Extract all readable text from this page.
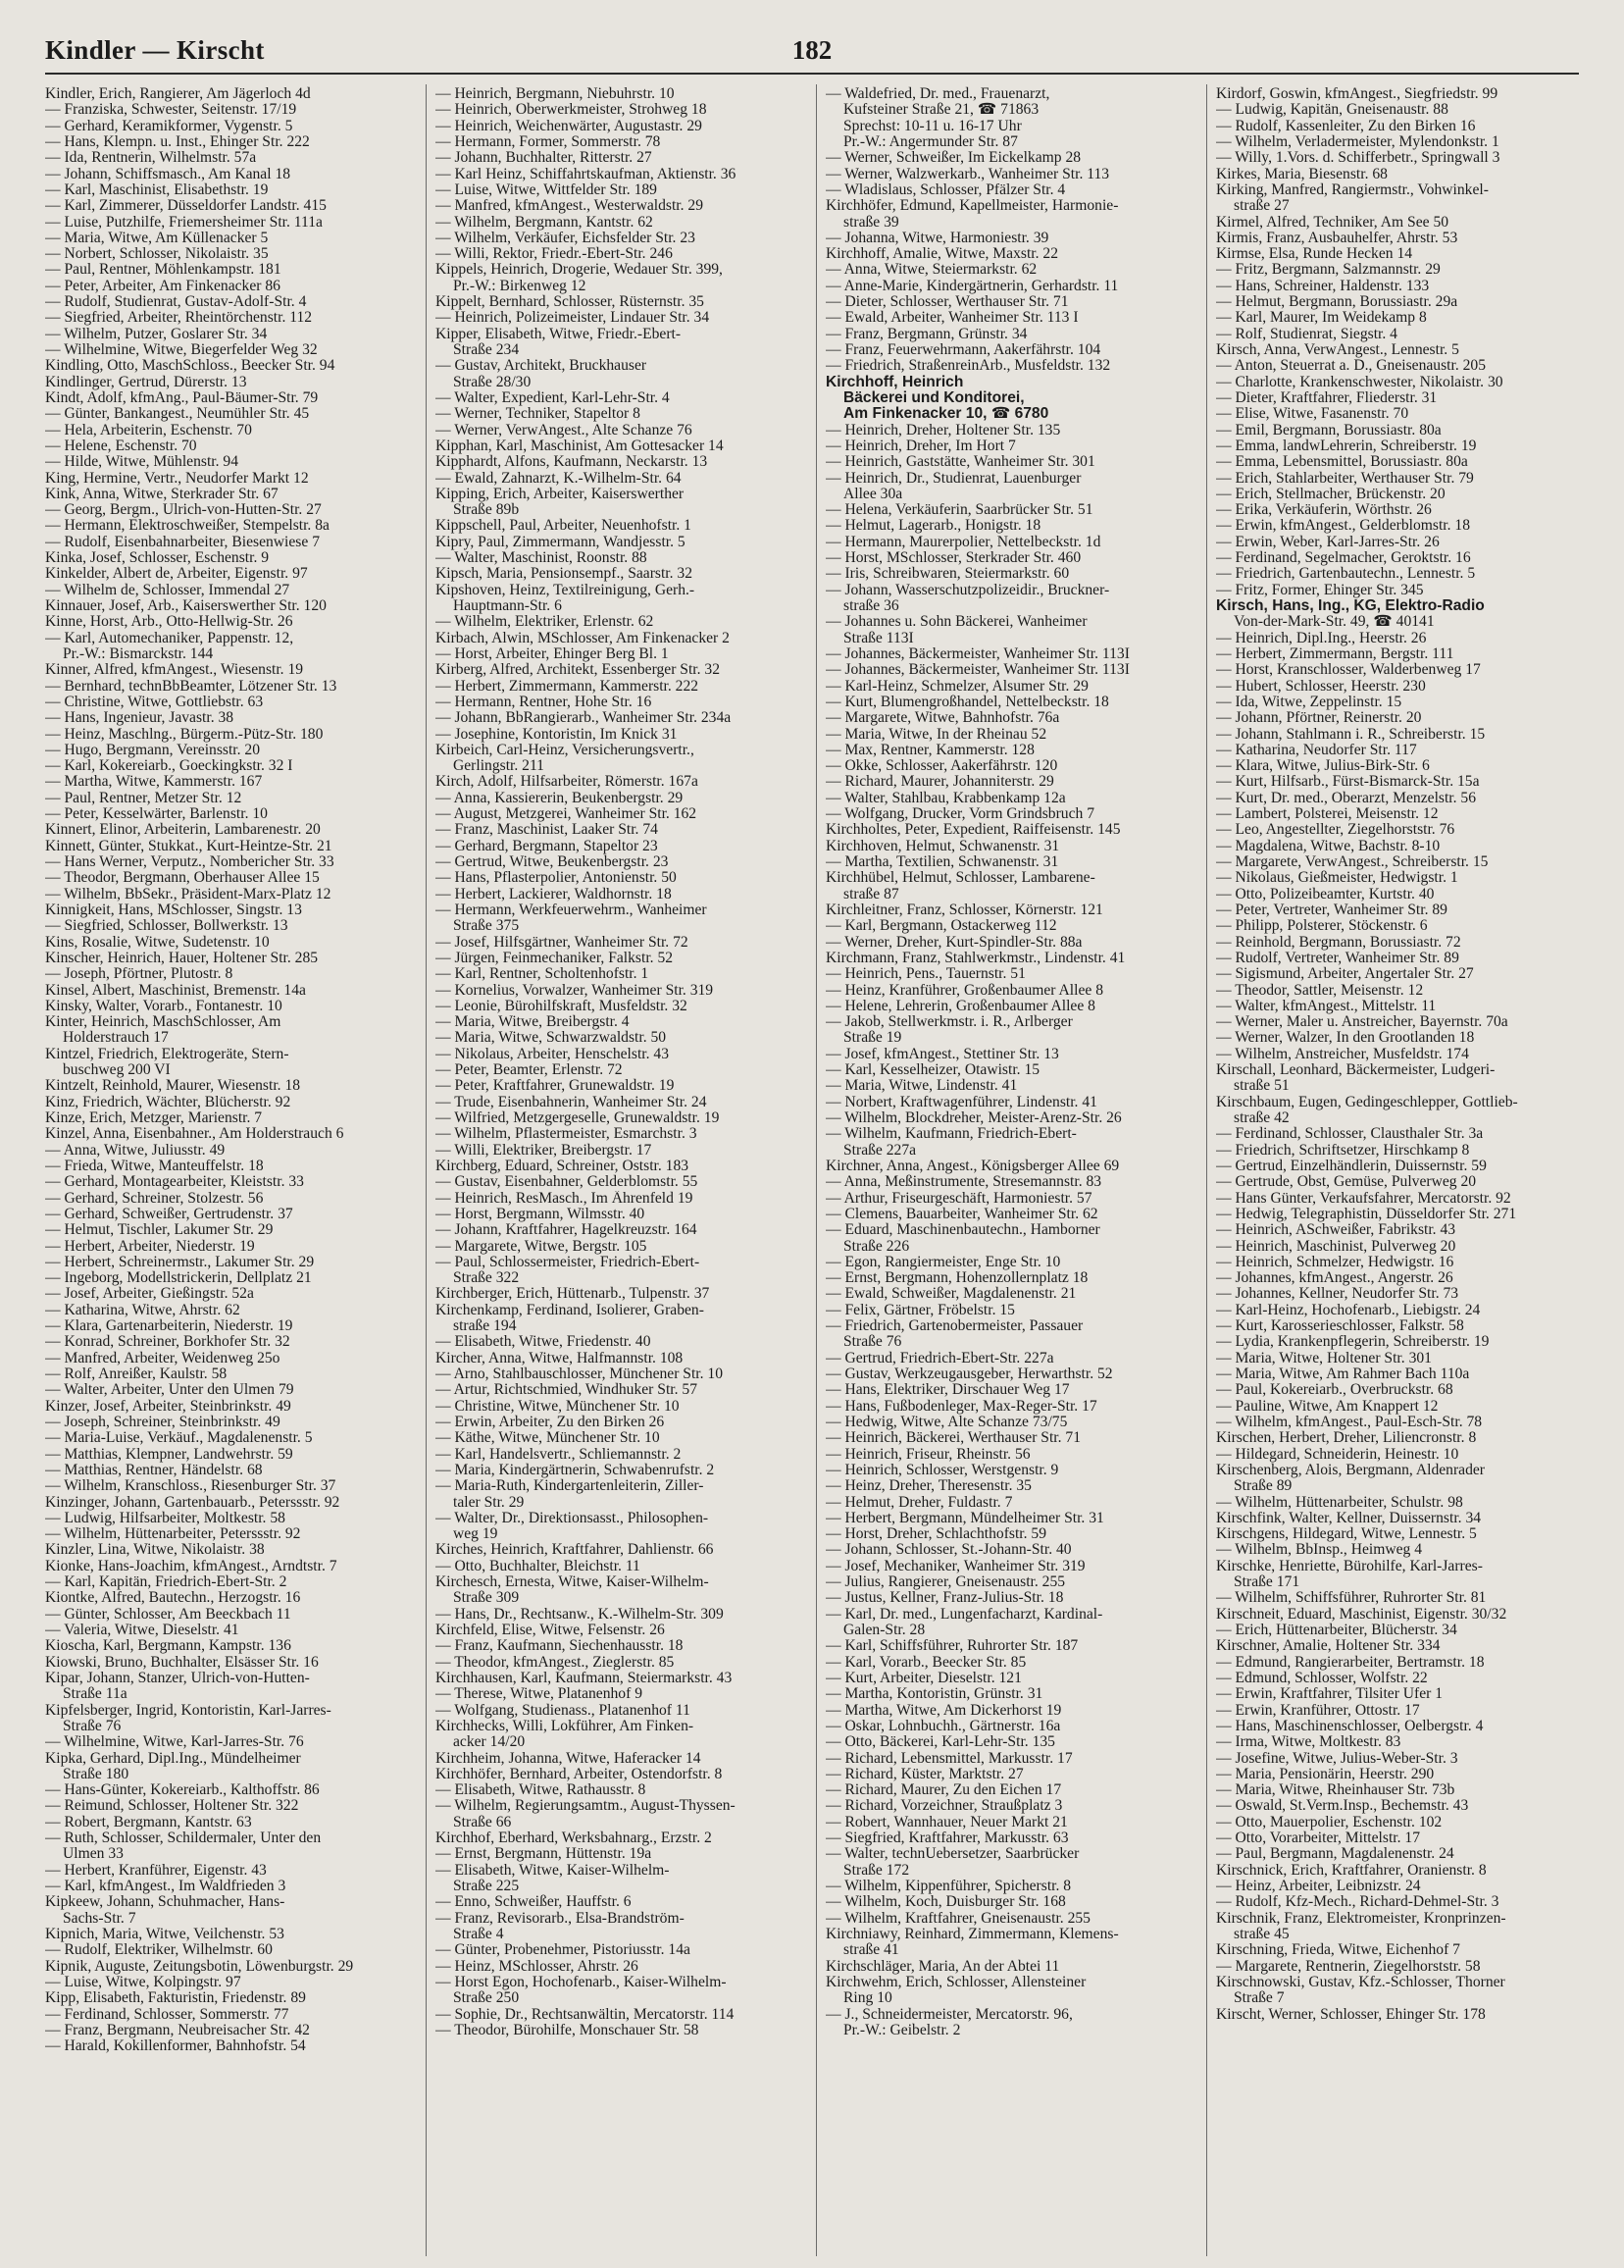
Kindler — Kirscht	182
Kindler, Erich, Rangierer, Am Jägerloch 4d
— Franziska, Schwester, Seitenstr. 17/19
— Gerhard, Keramikformer, Vygenstr. 5
— Hans, Klempn. u. Inst., Ehinger Str. 222
— Ida, Rentnerin, Wilhelmstr. 57a
— Johann, Schiffsmasch., Am Kanal 18
— Karl, Maschinist, Elisabethstr. 19
— Karl, Zimmerer, Düsseldorfer Landstr. 415
— Luise, Putzhilfe, Friemersheimer Str. 111a
— Maria, Witwe, Am Küllenacker 5
— Norbert, Schlosser, Nikolaistr. 35
— Paul, Rentner, Möhlenkampstr. 181
— Peter, Arbeiter, Am Finkenacker 86
— Rudolf, Studienrat, Gustav-Adolf-Str. 4
— Siegfried, Arbeiter, Rheintörchenstr. 112
— Wilhelm, Putzer, Goslarer Str. 34
— Wilhelmine, Witwe, Biegerfelder Weg 32
Kindling, Otto, MaschSchloss., Beecker Str. 94
Kindlinger, Gertrud, Dürerstr. 13
Kindt, Adolf, kfmAng., Paul-Bäumer-Str. 79
— Günter, Bankangest., Neumühler Str. 45
— Hela, Arbeiterin, Eschenstr. 70
— Helene, Eschenstr. 70
— Hilde, Witwe, Mühlenstr. 94
King, Hermine, Vertr., Neudorfer Markt 12
Kink, Anna, Witwe, Sterkrader Str. 67
— Georg, Bergm., Ulrich-von-Hutten-Str. 27
— Hermann, Elektroschweißer, Stempelstr. 8a
— Rudolf, Eisenbahnarbeiter, Biesenwiese 7
Kinka, Josef, Schlosser, Eschenstr. 9
Kinkelder, Albert de, Arbeiter, Eigenstr. 97
— Wilhelm de, Schlosser, Immendal 27
Kinnauer, Josef, Arb., Kaiserswerther Str. 120
Kinne, Horst, Arb., Otto-Hellwig-Str. 26
— Karl, Automechaniker, Pappenstr. 12,
Pr.-W.: Bismarckstr. 144
Kinner, Alfred, kfmAngest., Wiesenstr. 19
— Bernhard, technBbBeamter, Lötzener Str. 13
— Christine, Witwe, Gottliebstr. 63
— Hans, Ingenieur, Javastr. 38
— Heinz, Maschlng., Bürgerm.-Pütz-Str. 180
— Hugo, Bergmann, Vereinsstr. 20
— Karl, Kokereiarb., Goeckingkstr. 32 I
— Martha, Witwe, Kammerstr. 167
— Paul, Rentner, Metzer Str. 12
— Peter, Kesselwärter, Barlenstr. 10
Kinnert, Elinor, Arbeiterin, Lambarenestr. 20
Kinnett, Günter, Stukkat., Kurt-Heintze-Str. 21
— Hans Werner, Verputz., Nombericher Str. 33
— Theodor, Bergmann, Oberhauser Allee 15
— Wilhelm, BbSekr., Präsident-Marx-Platz 12
Kinnigkeit, Hans, MSchlosser, Singstr. 13
— Siegfried, Schlosser, Bollwerkstr. 13
Kins, Rosalie, Witwe, Sudetenstr. 10
Kinscher, Heinrich, Hauer, Holtener Str. 285
— Joseph, Pförtner, Plutostr. 8
Kinsel, Albert, Maschinist, Bremenstr. 14a
Kinsky, Walter, Vorarb., Fontanestr. 10
Kinter, Heinrich, MaschSchlosser, Am
Holderstrauch 17
Kintzel, Friedrich, Elektrogeräte, Stern-
buschweg 200 VI
Kintzelt, Reinhold, Maurer, Wiesenstr. 18
Kinz, Friedrich, Wächter, Blücherstr. 92
Kinze, Erich, Metzger, Marienstr. 7
Kinzel, Anna, Eisenbahner., Am Holderstrauch 6
— Anna, Witwe, Juliusstr. 49
— Frieda, Witwe, Manteuffelstr. 18
— Gerhard, Montagearbeiter, Kleiststr. 33
— Gerhard, Schreiner, Stolzestr. 56
— Gerhard, Schweißer, Gertrudenstr. 37
— Helmut, Tischler, Lakumer Str. 29
— Herbert, Arbeiter, Niederstr. 19
— Herbert, Schreinermstr., Lakumer Str. 29
— Ingeborg, Modellstrickerin, Dellplatz 21
— Josef, Arbeiter, Gießingstr. 52a
— Katharina, Witwe, Ahrstr. 62
— Klara, Gartenarbeiterin, Niederstr. 19
— Konrad, Schreiner, Borkhofer Str. 32
— Manfred, Arbeiter, Weidenweg 25o
— Rolf, Anreißer, Kaulstr. 58
— Walter, Arbeiter, Unter den Ulmen 79
Kinzer, Josef, Arbeiter, Steinbrinkstr. 49
— Joseph, Schreiner, Steinbrinkstr. 49
— Maria-Luise, Verkäuf., Magdalenenstr. 5
— Matthias, Klempner, Landwehrstr. 59
— Matthias, Rentner, Händelstr. 68
— Wilhelm, Kranschloss., Riesenburger Str. 37
Kinzinger, Johann, Gartenbauarb., Peterssstr. 92
— Ludwig, Hilfsarbeiter, Moltkestr. 58
— Wilhelm, Hüttenarbeiter, Peterssstr. 92
Kinzler, Lina, Witwe, Nikolaistr. 38
Kionke, Hans-Joachim, kfmAngest., Arndtstr. 7
— Karl, Kapitän, Friedrich-Ebert-Str. 2
Kiontke, Alfred, Bautechn., Herzogstr. 16
— Günter, Schlosser, Am Beeckbach 11
— Valeria, Witwe, Dieselstr. 41
Kioscha, Karl, Bergmann, Kampstr. 136
Kiowski, Bruno, Buchhalter, Elsässer Str. 16
Kipar, Johann, Stanzer, Ulrich-von-Hutten-
Straße 11a
Kipfelsberger, Ingrid, Kontoristin, Karl-Jarres-
Straße 76
— Wilhelmine, Witwe, Karl-Jarres-Str. 76
Kipka, Gerhard, Dipl.Ing., Mündelheimer
Straße 180
— Hans-Günter, Kokereiarb., Kalthoffstr. 86
— Reimund, Schlosser, Holtener Str. 322
— Robert, Bergmann, Kantstr. 63
— Ruth, Schlosser, Schildermaler, Unter den
Ulmen 33
— Herbert, Kranführer, Eigenstr. 43
— Karl, kfmAngest., Im Waldfrieden 3
Kipkeew, Johann, Schuhmacher, Hans-
Sachs-Str. 7
Kipnich, Maria, Witwe, Veilchenstr. 53
— Rudolf, Elektriker, Wilhelmstr. 60
Kipnik, Auguste, Zeitungsbotin, Löwenburgstr. 29
— Luise, Witwe, Kolpingstr. 97
Kipp, Elisabeth, Fakturistin, Friedenstr. 89
— Ferdinand, Schlosser, Sommerstr. 77
— Franz, Bergmann, Neubreisacher Str. 42
— Harald, Kokillenformer, Bahnhofstr. 54
— Heinrich, Bergmann, Niebuhrstr. 10
— Heinrich, Oberwerkmeister, Strohweg 18
— Heinrich, Weichenwärter, Augustastr. 29
— Hermann, Former, Sommerstr. 78
— Johann, Buchhalter, Ritterstr. 27
— Karl Heinz, Schiffahrtskaufman, Aktienstr. 36
— Luise, Witwe, Wittfelder Str. 189
— Manfred, kfmAngest., Westerwaldstr. 29
— Wilhelm, Bergmann, Kantstr. 62
— Wilhelm, Verkäufer, Eichsfelder Str. 23
— Willi, Rektor, Friedr.-Ebert-Str. 246
Kippels, Heinrich, Drogerie, Wedauer Str. 399,
Pr.-W.: Birkenweg 12
Kippelt, Bernhard, Schlosser, Rüsternstr. 35
— Heinrich, Polizeimeister, Lindauer Str. 34
Kipper, Elisabeth, Witwe, Friedr.-Ebert-
Straße 234
— Gustav, Architekt, Bruckhauser
Straße 28/30
— Walter, Expedient, Karl-Lehr-Str. 4
— Werner, Techniker, Stapeltor 8
— Werner, VerwAngest., Alte Schanze 76
Kipphan, Karl, Maschinist, Am Gottesacker 14
Kipphardt, Alfons, Kaufmann, Neckarstr. 13
— Ewald, Zahnarzt, K.-Wilhelm-Str. 64
Kipping, Erich, Arbeiter, Kaiserswerther
Straße 89b
Kippschell, Paul, Arbeiter, Neuenhofstr. 1
Kipry, Paul, Zimmermann, Wandjesstr. 5
— Walter, Maschinist, Roonstr. 88
Kipsch, Maria, Pensionsempf., Saarstr. 32
Kipshoven, Heinz, Textilreinigung, Gerh.-
Hauptmann-Str. 6
— Wilhelm, Elektriker, Erlenstr. 62
Kirbach, Alwin, MSchlosser, Am Finkenacker 2
— Horst, Arbeiter, Ehinger Berg Bl. 1
Kirberg, Alfred, Architekt, Essenberger Str. 32
— Herbert, Zimmermann, Kammerstr. 222
— Hermann, Rentner, Hohe Str. 16
— Johann, BbRangierarb., Wanheimer Str. 234a
— Josephine, Kontoristin, Im Knick 31
Kirbeich, Carl-Heinz, Versicherungsvertr.,
Gerlingstr. 211
Kirch, Adolf, Hilfsarbeiter, Römerstr. 167a
— Anna, Kassiererin, Beukenbergstr. 29
— August, Metzgerei, Wanheimer Str. 162
— Franz, Maschinist, Laaker Str. 74
— Gerhard, Bergmann, Stapeltor 23
— Gertrud, Witwe, Beukenbergstr. 23
— Hans, Pflasterpolier, Antonienstr. 50
— Herbert, Lackierer, Waldhornstr. 18
— Hermann, Werkfeuerwehrm., Wanheimer
Straße 375
— Josef, Hilfsgärtner, Wanheimer Str. 72
— Jürgen, Feinmechaniker, Falkstr. 52
— Karl, Rentner, Scholtenhofstr. 1
— Kornelius, Vorwalzer, Wanheimer Str. 319
— Leonie, Bürohilfskraft, Musfeldstr. 32
— Maria, Witwe, Breibergstr. 4
— Maria, Witwe, Schwarzwaldstr. 50
— Nikolaus, Arbeiter, Henschelstr. 43
— Peter, Beamter, Erlenstr. 72
— Peter, Kraftfahrer, Grunewaldstr. 19
— Trude, Eisenbahnerin, Wanheimer Str. 24
— Wilfried, Metzgergeselle, Grunewaldstr. 19
— Wilhelm, Pflastermeister, Esmarchstr. 3
— Willi, Elektriker, Breibergstr. 17
Kirchberg, Eduard, Schreiner, Oststr. 183
— Gustav, Eisenbahner, Gelderblomstr. 55
— Heinrich, ResMasch., Im Ährenfeld 19
— Horst, Bergmann, Wilmsstr. 40
— Johann, Kraftfahrer, Hagelkreuzstr. 164
— Margarete, Witwe, Bergstr. 105
— Paul, Schlossermeister, Friedrich-Ebert-
Straße 322
Kirchberger, Erich, Hüttenarb., Tulpenstr. 37
Kirchenkamp, Ferdinand, Isolierer, Graben-
straße 194
— Elisabeth, Witwe, Friedenstr. 40
Kircher, Anna, Witwe, Halfmannstr. 108
— Arno, Stahlbauschlosser, Münchener Str. 10
— Artur, Richtschmied, Windhuker Str. 57
— Christine, Witwe, Münchener Str. 10
— Erwin, Arbeiter, Zu den Birken 26
— Käthe, Witwe, Münchener Str. 10
— Karl, Handelsvertr., Schliemannstr. 2
— Maria, Kindergärtnerin, Schwabenrufstr. 2
— Maria-Ruth, Kindergartenleiterin, Ziller-
taler Str. 29
— Walter, Dr., Direktionsasst., Philosophen-
weg 19
Kirches, Heinrich, Kraftfahrer, Dahlienstr. 66
— Otto, Buchhalter, Bleichstr. 11
Kirchesch, Ernesta, Witwe, Kaiser-Wilhelm-
Straße 309
— Hans, Dr., Rechtsanw., K.-Wilhelm-Str. 309
Kirchfeld, Elise, Witwe, Felsenstr. 26
— Franz, Kaufmann, Siechenhausstr. 18
— Theodor, kfmAngest., Zieglerstr. 85
Kirchhausen, Karl, Kaufmann, Steiermarkstr. 43
— Therese, Witwe, Platanenhof 9
— Wolfgang, Studienass., Platanenhof 11
Kirchhecks, Willi, Lokführer, Am Finken-
acker 14/20
Kirchheim, Johanna, Witwe, Haferacker 14
Kirchhöfer, Bernhard, Arbeiter, Ostendorfstr. 8
— Elisabeth, Witwe, Rathausstr. 8
— Wilhelm, Regierungsamtm., August-Thyssen-
Straße 66
Kirchhof, Eberhard, Werksbahnarg., Erzstr. 2
— Ernst, Bergmann, Hüttenstr. 19a
— Elisabeth, Witwe, Kaiser-Wilhelm-
Straße 225
— Enno, Schweißer, Hauffstr. 6
— Franz, Revisorarb., Elsa-Brandström-
Straße 4
— Günter, Probenehmer, Pistoriusstr. 14a
— Heinz, MSchlosser, Ahrstr. 26
— Horst Egon, Hochofenarb., Kaiser-Wilhelm-
Straße 250
— Sophie, Dr., Rechtsanwältin, Mercatorstr. 114
— Theodor, Bürohilfe, Monschauer Str. 58
— Waldefried, Dr. med., Frauenarzt,
Kufsteiner Straße 21, ☎ 71863
Sprechst: 10-11 u. 16-17 Uhr
Pr.-W.: Angermunder Str. 87
— Werner, Schweißer, Im Eickelkamp 28
— Werner, Walzwerkarb., Wanheimer Str. 113
— Wladislaus, Schlosser, Pfälzer Str. 4
Kirchhöfer, Edmund, Kapellmeister, Harmonie-
straße 39
— Johanna, Witwe, Harmoniestr. 39
Kirchhoff, Amalie, Witwe, Maxstr. 22
— Anna, Witwe, Steiermarkstr. 62
— Anne-Marie, Kindergärtnerin, Gerhardstr. 11
— Dieter, Schlosser, Werthauser Str. 71
— Ewald, Arbeiter, Wanheimer Str. 113 I
— Franz, Bergmann, Grünstr. 34
— Franz, Feuerwehrmann, Aakerfährstr. 104
— Friedrich, StraßenreinArb., Musfeldstr. 132
Kirchhoff, Heinrich
Bäckerei und Konditorei,
Am Finkenacker 10, ☎ 6780
— Heinrich, Dreher, Holtener Str. 135
— Heinrich, Dreher, Im Hort 7
— Heinrich, Gaststätte, Wanheimer Str. 301
— Heinrich, Dr., Studienrat, Lauenburger
Allee 30a
— Helena, Verkäuferin, Saarbrücker Str. 51
— Helmut, Lagerarb., Honigstr. 18
— Hermann, Maurerpolier, Nettelbeckstr. 1d
— Horst, MSchlosser, Sterkrader Str. 460
— Iris, Schreibwaren, Steiermarkstr. 60
— Johann, Wasserschutzpolizeidir., Bruckner-
straße 36
— Johannes u. Sohn Bäckerei, Wanheimer
Straße 113I
— Johannes, Bäckermeister, Wanheimer Str. 113I
— Johannes, Bäckermeister, Wanheimer Str. 113I
— Karl-Heinz, Schmelzer, Alsumer Str. 29
— Kurt, Blumengroßhandel, Nettelbeckstr. 18
— Margarete, Witwe, Bahnhofstr. 76a
— Maria, Witwe, In der Rheinau 52
— Max, Rentner, Kammerstr. 128
— Okke, Schlosser, Aakerfährstr. 120
— Richard, Maurer, Johanniterstr. 29
— Walter, Stahlbau, Krabbenkamp 12a
— Wolfgang, Drucker, Vorm Grindsbruch 7
Kirchholtes, Peter, Expedient, Raiffeisenstr. 145
Kirchhoven, Helmut, Schwanenstr. 31
— Martha, Textilien, Schwanenstr. 31
Kirchhübel, Helmut, Schlosser, Lambarene-
straße 87
Kirchleitner, Franz, Schlosser, Körnerstr. 121
— Karl, Bergmann, Ostackerweg 112
— Werner, Dreher, Kurt-Spindler-Str. 88a
Kirchmann, Franz, Stahlwerkmstr., Lindenstr. 41
— Heinrich, Pens., Tauernstr. 51
— Heinz, Kranführer, Großenbaumer Allee 8
— Helene, Lehrerin, Großenbaumer Allee 8
— Jakob, Stellwerkmstr. i. R., Arlberger
Straße 19
— Josef, kfmAngest., Stettiner Str. 13
— Karl, Kesselheizer, Otawistr. 15
— Maria, Witwe, Lindenstr. 41
— Norbert, Kraftwagenführer, Lindenstr. 41
— Wilhelm, Blockdreher, Meister-Arenz-Str. 26
— Wilhelm, Kaufmann, Friedrich-Ebert-
Straße 227a
Kirchner, Anna, Angest., Königsberger Allee 69
— Anna, Meßinstrumente, Stresemannstr. 83
— Arthur, Friseurgeschäft, Harmoniestr. 57
— Clemens, Bauarbeiter, Wanheimer Str. 62
— Eduard, Maschinenbautechn., Hamborner
Straße 226
— Egon, Rangiermeister, Enge Str. 10
— Ernst, Bergmann, Hohenzollernplatz 18
— Ewald, Schweißer, Magdalenenstr. 21
— Felix, Gärtner, Fröbelstr. 15
— Friedrich, Gartenobermeister, Passauer
Straße 76
— Gertrud, Friedrich-Ebert-Str. 227a
— Gustav, Werkzeugausgeber, Herwarthstr. 52
— Hans, Elektriker, Dirschauer Weg 17
— Hans, Fußbodenleger, Max-Reger-Str. 17
— Hedwig, Witwe, Alte Schanze 73/75
— Heinrich, Bäckerei, Werthauser Str. 71
— Heinrich, Friseur, Rheinstr. 56
— Heinrich, Schlosser, Werstgenstr. 9
— Heinz, Dreher, Theresenstr. 35
— Helmut, Dreher, Fuldastr. 7
— Herbert, Bergmann, Mündelheimer Str. 31
— Horst, Dreher, Schlachthofstr. 59
— Johann, Schlosser, St.-Johann-Str. 40
— Josef, Mechaniker, Wanheimer Str. 319
— Julius, Rangierer, Gneisenaustr. 255
— Justus, Kellner, Franz-Julius-Str. 18
— Karl, Dr. med., Lungenfacharzt, Kardinal-
Galen-Str. 28
— Karl, Schiffsführer, Ruhrorter Str. 187
— Karl, Vorarb., Beecker Str. 85
— Kurt, Arbeiter, Dieselstr. 121
— Martha, Kontoristin, Grünstr. 31
— Martha, Witwe, Am Dickerhorst 19
— Oskar, Lohnbuchh., Gärtnerstr. 16a
— Otto, Bäckerei, Karl-Lehr-Str. 135
— Richard, Lebensmittel, Markusstr. 17
— Richard, Küster, Marktstr. 27
— Richard, Maurer, Zu den Eichen 17
— Richard, Vorzeichner, Straußplatz 3
— Robert, Wannhauer, Neuer Markt 21
— Siegfried, Kraftfahrer, Markusstr. 63
— Walter, technUebersetzer, Saarbrücker
Straße 172
— Wilhelm, Kippenführer, Spicherstr. 8
— Wilhelm, Koch, Duisburger Str. 168
— Wilhelm, Kraftfahrer, Gneisenaustr. 255
Kirchniawy, Reinhard, Zimmermann, Klemens-
straße 41
Kirchschläger, Maria, An der Abtei 11
Kirchwehm, Erich, Schlosser, Allensteiner
Ring 10
— J., Schneidermeister, Mercatorstr. 96,
Pr.-W.: Geibelstr. 2
Kirdorf, Goswin, kfmAngest., Siegfriedstr. 99
— Ludwig, Kapitän, Gneisenaustr. 88
— Rudolf, Kassenleiter, Zu den Birken 16
— Wilhelm, Verladermeister, Mylendonkstr. 1
— Willy, 1.Vors. d. Schifferbetr., Springwall 3
Kirkes, Maria, Biesenstr. 68
Kirking, Manfred, Rangiermstr., Vohwinkel-
straße 27
Kirmel, Alfred, Techniker, Am See 50
Kirmis, Franz, Ausbauhelfer, Ahrstr. 53
Kirmse, Elsa, Runde Hecken 14
— Fritz, Bergmann, Salzmannstr. 29
— Hans, Schreiner, Haldenstr. 133
— Helmut, Bergmann, Borussiastr. 29a
— Karl, Maurer, Im Weidekamp 8
— Rolf, Studienrat, Siegstr. 4
Kirsch, Anna, VerwAngest., Lennestr. 5
— Anton, Steuerrat a. D., Gneisenaustr. 205
— Charlotte, Krankenschwester, Nikolaistr. 30
— Dieter, Kraftfahrer, Fliederstr. 31
— Elise, Witwe, Fasanenstr. 70
— Emil, Bergmann, Borussiastr. 80a
— Emma, landwLehrerin, Schreiberstr. 19
— Emma, Lebensmittel, Borussiastr. 80a
— Erich, Stahlarbeiter, Werthauser Str. 79
— Erich, Stellmacher, Brückenstr. 20
— Erika, Verkäuferin, Wörthstr. 26
— Erwin, kfmAngest., Gelderblomstr. 18
— Erwin, Weber, Karl-Jarres-Str. 26
— Ferdinand, Segelmacher, Geroktstr. 16
— Friedrich, Gartenbautechn., Lennestr. 5
— Fritz, Former, Ehinger Str. 345
Kirsch, Hans, Ing., KG, Elektro-Radio
Von-der-Mark-Str. 49, ☎ 40141
— Heinrich, Dipl.Ing., Heerstr. 26
— Herbert, Zimmermann, Bergstr. 111
— Horst, Kranschlosser, Walderbenweg 17
— Hubert, Schlosser, Heerstr. 230
— Ida, Witwe, Zeppelinstr. 15
— Johann, Pförtner, Reinerstr. 20
— Johann, Stahlmann i. R., Schreiberstr. 15
— Katharina, Neudorfer Str. 117
— Klara, Witwe, Julius-Birk-Str. 6
— Kurt, Hilfsarb., Fürst-Bismarck-Str. 15a
— Kurt, Dr. med., Oberarzt, Menzelstr. 56
— Lambert, Polsterei, Meisenstr. 12
— Leo, Angestellter, Ziegelhorststr. 76
— Magdalena, Witwe, Bachstr. 8-10
— Margarete, VerwAngest., Schreiberstr. 15
— Nikolaus, Gießmeister, Hedwigstr. 1
— Otto, Polizeibeamter, Kurtstr. 40
— Peter, Vertreter, Wanheimer Str. 89
— Philipp, Polsterer, Stöckenstr. 6
— Reinhold, Bergmann, Borussiastr. 72
— Rudolf, Vertreter, Wanheimer Str. 89
— Sigismund, Arbeiter, Angertaler Str. 27
— Theodor, Sattler, Meisenstr. 12
— Walter, kfmAngest., Mittelstr. 11
— Werner, Maler u. Anstreicher, Bayernstr. 70a
— Werner, Walzer, In den Grootlanden 18
— Wilhelm, Anstreicher, Musfeldstr. 174
Kirschall, Leonhard, Bäckermeister, Ludgeri-
straße 51
Kirschbaum, Eugen, Gedingeschlepper, Gottlieb-
straße 42
— Ferdinand, Schlosser, Clausthaler Str. 3a
— Friedrich, Schriftsetzer, Hirschkamp 8
— Gertrud, Einzelhändlerin, Duissernstr. 59
— Gertrude, Obst, Gemüse, Pulverweg 20
— Hans Günter, Verkaufsfahrer, Mercatorstr. 92
— Hedwig, Telegraphistin, Düsseldorfer Str. 271
— Heinrich, ASchweißer, Fabrikstr. 43
— Heinrich, Maschinist, Pulverweg 20
— Heinrich, Schmelzer, Hedwigstr. 16
— Johannes, kfmAngest., Angerstr. 26
— Johannes, Kellner, Neudorfer Str. 73
— Karl-Heinz, Hochofenarb., Liebigstr. 24
— Kurt, Karosserieschlosser, Falkstr. 58
— Lydia, Krankenpflegerin, Schreiberstr. 19
— Maria, Witwe, Holtener Str. 301
— Maria, Witwe, Am Rahmer Bach 110a
— Paul, Kokereiarb., Overbruckstr. 68
— Pauline, Witwe, Am Knappert 12
— Wilhelm, kfmAngest., Paul-Esch-Str. 78
Kirschen, Herbert, Dreher, Liliencronstr. 8
— Hildegard, Schneiderin, Heinestr. 10
Kirschenberg, Alois, Bergmann, Aldenrader
Straße 89
— Wilhelm, Hüttenarbeiter, Schulstr. 98
Kirschfink, Walter, Kellner, Duissernstr. 34
Kirschgens, Hildegard, Witwe, Lennestr. 5
— Wilhelm, BbInsp., Heimweg 4
Kirschke, Henriette, Bürohilfe, Karl-Jarres-
Straße 171
— Wilhelm, Schiffsführer, Ruhrorter Str. 81
Kirschneit, Eduard, Maschinist, Eigenstr. 30/32
— Erich, Hüttenarbeiter, Blücherstr. 34
Kirschner, Amalie, Holtener Str. 334
— Edmund, Rangierarbeiter, Bertramstr. 18
— Edmund, Schlosser, Wolfstr. 22
— Erwin, Kraftfahrer, Tilsiter Ufer 1
— Erwin, Kranführer, Ottostr. 17
— Hans, Maschinenschlosser, Oelbergstr. 4
— Irma, Witwe, Moltkestr. 83
— Josefine, Witwe, Julius-Weber-Str. 3
— Maria, Pensionärin, Heerstr. 290
— Maria, Witwe, Rheinhauser Str. 73b
— Oswald, St.Verm.Insp., Bechemstr. 43
— Otto, Mauerpolier, Eschenstr. 102
— Otto, Vorarbeiter, Mittelstr. 17
— Paul, Bergmann, Magdalenenstr. 24
Kirschnick, Erich, Kraftfahrer, Oranienstr. 8
— Heinz, Arbeiter, Leibnizstr. 24
— Rudolf, Kfz-Mech., Richard-Dehmel-Str. 3
Kirschnik, Franz, Elektromeister, Kronprinzen-
straße 45
Kirschning, Frieda, Witwe, Eichenhof 7
— Margarete, Rentnerin, Ziegelhorststr. 58
Kirschnowski, Gustav, Kfz.-Schlosser, Thorner
Straße 7
Kirscht, Werner, Schlosser, Ehinger Str. 178
